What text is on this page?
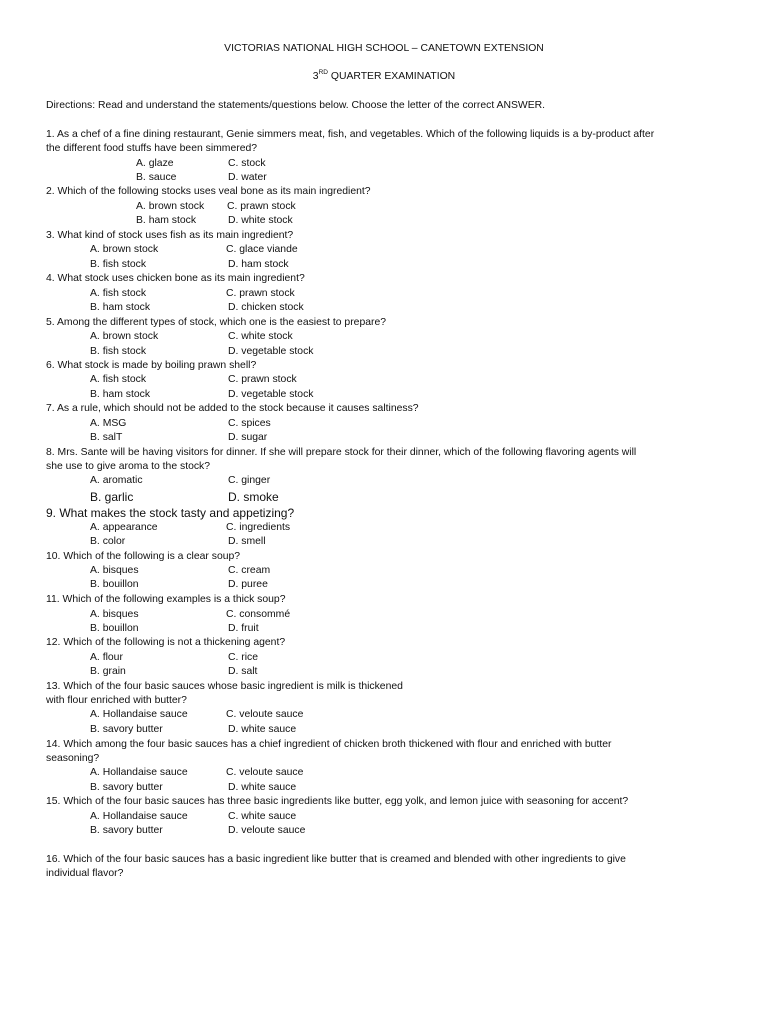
VICTORIAS NATIONAL HIGH SCHOOL – CANETOWN EXTENSION
3RD QUARTER EXAMINATION
Directions: Read and understand the statements/questions below. Choose the letter of the correct ANSWER.
1. As a chef of a fine dining restaurant, Genie simmers meat, fish, and vegetables. Which of the following liquids is a by-product after
the different food stuffs have been simmered?
A. glaze	C. stock
B. sauce	D. water
2. Which of the following stocks uses veal bone as its main ingredient?
A. brown stock C. prawn stock
B. ham stock	D. white stock
3. What kind of stock uses fish as its main ingredient?
A. brown stock	C. glace viande
B. fish stock	D. ham stock
4. What stock uses chicken bone as its main ingredient?
A. fish stock	C. prawn stock
B. ham stock	D. chicken stock
5. Among the different types of stock, which one is the easiest to prepare?
A. brown stock	C. white stock
B. fish stock	D. vegetable stock
6. What stock is made by boiling prawn shell?
A. fish stock	C. prawn stock
B. ham stock	D. vegetable stock
7. As a rule, which should not be added to the stock because it causes saltiness?
A. MSG	C. spices
B. salT	D. sugar
8. Mrs. Sante will be having visitors for dinner. If she will prepare stock for their dinner, which of the following flavoring agents will
she use to give aroma to the stock?
A. aromatic	C. ginger
B. garlic	D. smoke
9. What makes the stock tasty and appetizing?
A. appearance	C. ingredients
B. color	D. smell
10. Which of the following is a clear soup?
A. bisques	C. cream
B. bouillon	D. puree
11. Which of the following examples is a thick soup?
A. bisques	C. consommé
B. bouillon	D. fruit
12. Which of the following is not a thickening agent?
A. flour	C. rice
B. grain	D. salt
13. Which of the four basic sauces whose basic ingredient is milk is thickened
with flour enriched with butter?
A. Hollandaise sauce	C. veloute sauce
B. savory butter	D. white sauce
14. Which among the four basic sauces has a chief ingredient of chicken broth thickened with flour and enriched with butter
seasoning?
A. Hollandaise sauce	C. veloute sauce
B. savory butter	D. white sauce
15. Which of the four basic sauces has three basic ingredients like butter, egg yolk, and lemon juice with seasoning for accent?
A. Hollandaise sauce	C. white sauce
B. savory butter	D. veloute sauce
16. Which of the four basic sauces has a basic ingredient like butter that is creamed and blended with other ingredients to give
individual flavor?
